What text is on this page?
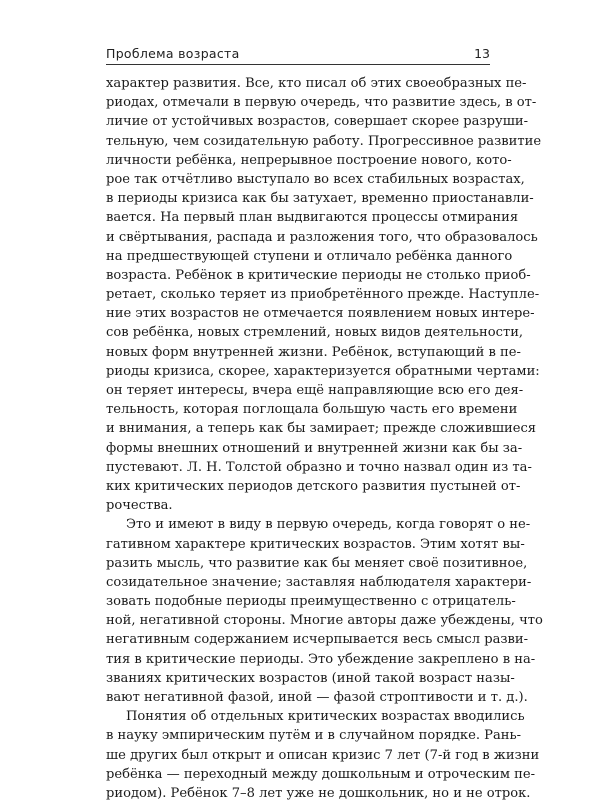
Проблема возраста	13
характер развития. Все, кто писал об этих своеобразных пе-
риодах, отмечали в первую очередь, что развитие здесь, в от-
личие от устойчивых возрастов, совершает скорее разруши-
тельную, чем созидательную работу. Прогрессивное развитие
личности ребёнка, непрерывное построение нового, кото-
рое так отчётливо выступало во всех стабильных возрастах,
в периоды кризиса как бы затухает, временно приостанавли-
вается. На первый план выдвигаются процессы отмирания
и свёртывания, распада и разложения того, что образовалось
на предшествующей ступени и отличало ребёнка данного
возраста. Ребёнок в критические периоды не столько приоб-
ретает, сколько теряет из приобретённого прежде. Наступле-
ние этих возрастов не отмечается появлением новых интере-
сов ребёнка, новых стремлений, новых видов деятельности,
новых форм внутренней жизни. Ребёнок, вступающий в пе-
риоды кризиса, скорее, характеризуется обратными чертами:
он теряет интересы, вчера ещё направляющие всю его дея-
тельность, которая поглощала большую часть его времени
и внимания, а теперь как бы замирает; прежде сложившиеся
формы внешних отношений и внутренней жизни как бы за-
пустевают. Л. Н. Толстой образно и точно назвал один из та-
ких критических периодов детского развития пустыней от-
рочества.
Это и имеют в виду в первую очередь, когда говорят о не-
гативном характере критических возрастов. Этим хотят вы-
разить мысль, что развитие как бы меняет своё позитивное,
созидательное значение; заставляя наблюдателя характери-
зовать подобные периоды преимущественно с отрицатель-
ной, негативной стороны. Многие авторы даже убеждены, что
негативным содержанием исчерпывается весь смысл разви-
тия в критические периоды. Это убеждение закреплено в на-
званиях критических возрастов (иной такой возраст назы-
вают негативной фазой, иной — фазой строптивости и т. д.).
Понятия об отдельных критических возрастах вводились
в науку эмпирическим путём и в случайном порядке. Рань-
ше других был открыт и описан кризис 7 лет (7-й год в жизни
ребёнка — переходный между дошкольным и отроческим пе-
риодом). Ребёнок 7–8 лет уже не дошкольник, но и не отрок.
